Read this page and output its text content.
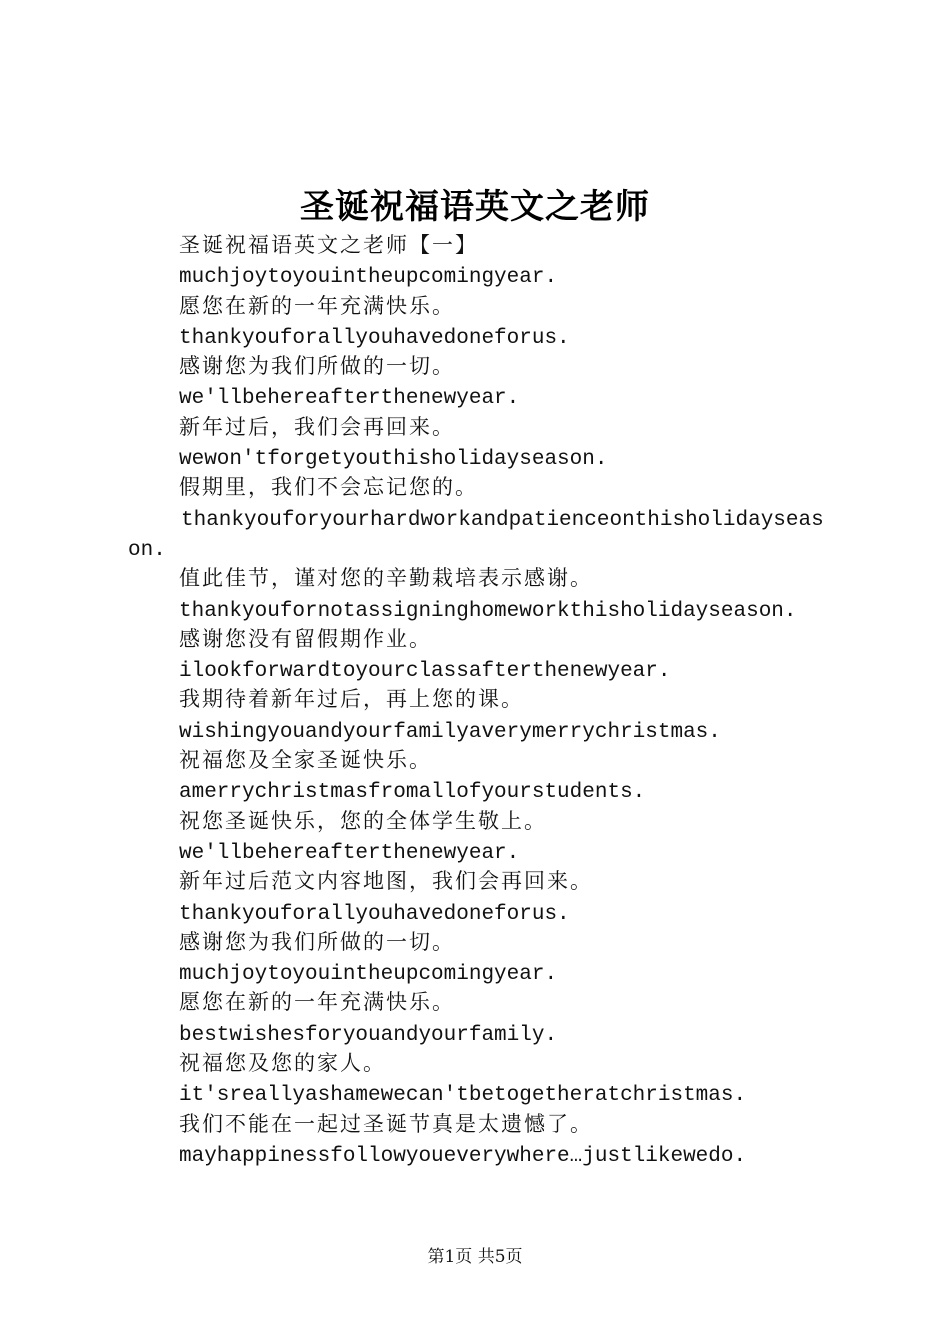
圣诞祝福语英文之老师
圣诞祝福语英文之老师【一】
muchjoytoyouintheupcomingyear.
愿您在新的一年充满快乐。
thankyouforallyouhavedoneforus.
感谢您为我们所做的一切。
we'llbehereafterthenewyear.
新年过后，我们会再回来。
wewon'tforgetyouthisholidayseason.
假期里，我们不会忘记您的。
thankyouforyourhardworkandpatienceonthisholidayseason.
值此佳节，谨对您的辛勤栽培表示感谢。
thankyoufornotassigninghomeworkthisholidayseason.
感谢您没有留假期作业。
ilookforwardtoyourclassafterthenewyear.
我期待着新年过后，再上您的课。
wishingyouandyourfamilyaverymerrychristmas.
祝福您及全家圣诞快乐。
amerrychristmasfromallofyourstudents.
祝您圣诞快乐，您的全体学生敬上。
we'llbehereafterthenewyear.
新年过后范文内容地图，我们会再回来。
thankyouforallyouhavedoneforus.
感谢您为我们所做的一切。
muchjoytoyouintheupcomingyear.
愿您在新的一年充满快乐。
bestwishesforyouandyourfamily.
祝福您及您的家人。
it'sreallyashamewecan'tbetogetheratchristmas.
我们不能在一起过圣诞节真是太遗憾了。
mayhappinessfollowyoueverywhere…justlikewedo.
第1页 共5页
